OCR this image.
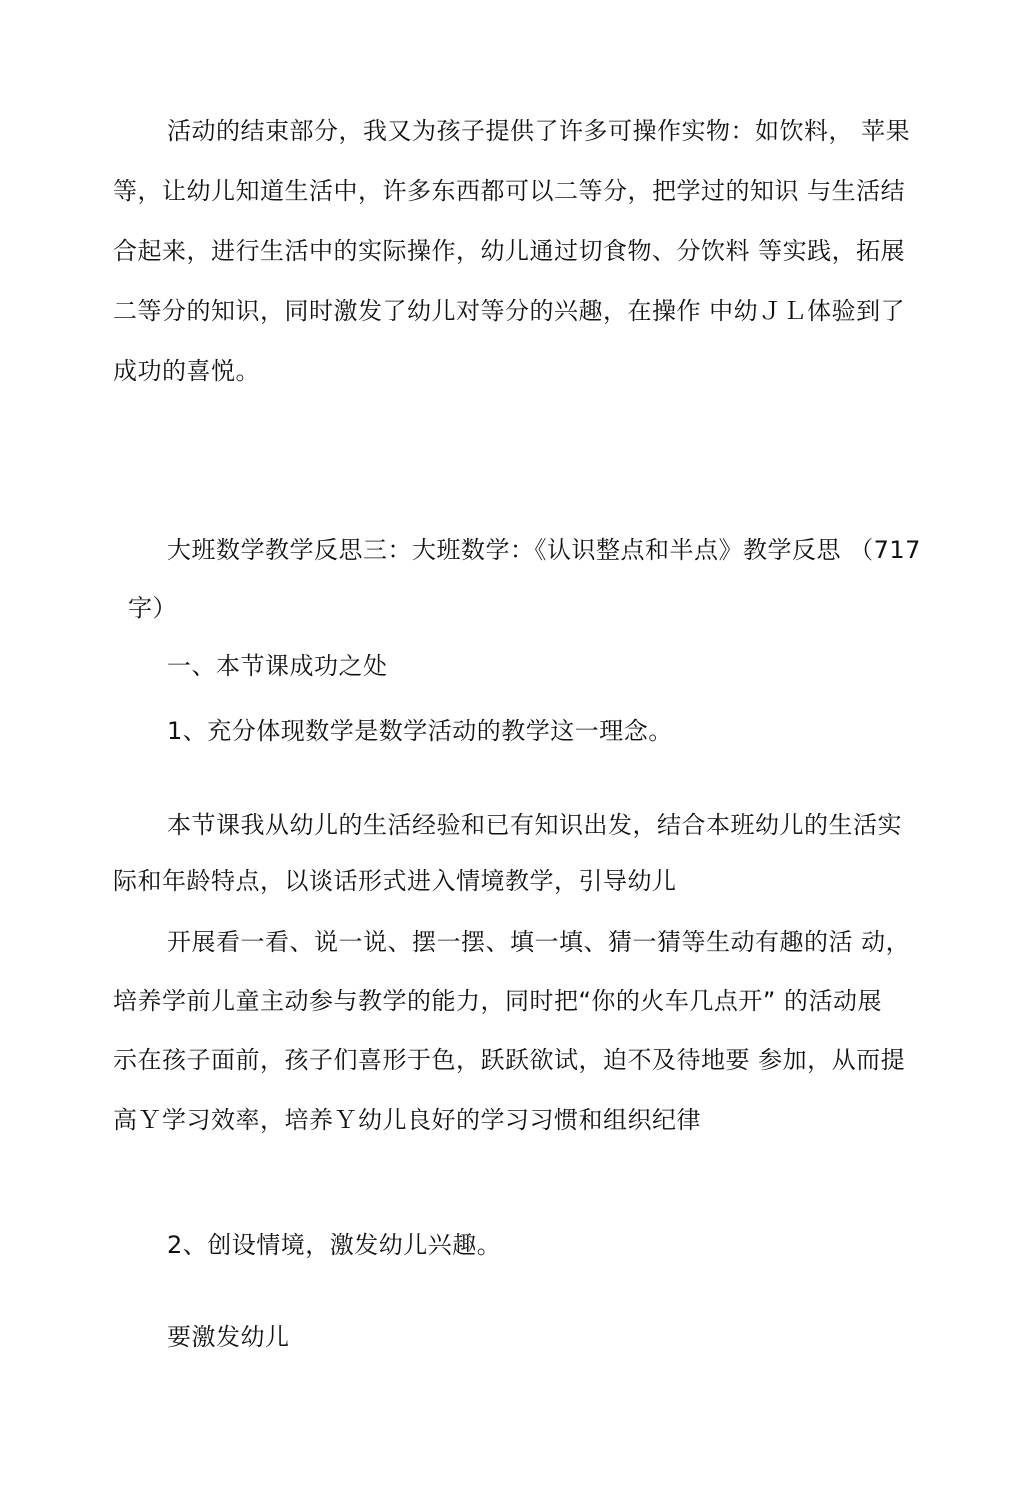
活动的结束部分，我又为孩子提供了许多可操作实物：如饮料， 苹果
等，让幼儿知道生活中，许多东西都可以二等分，把学过的知识 与生活结
合起来，进行生活中的实际操作，幼儿通过切食物、分饮料 等实践，拓展
二等分的知识，同时激发了幼儿对等分的兴趣，在操作 中幼ＪＬ体验到了
成功的喜悦。
大班数学教学反思三：大班数学：《认识整点和半点》教学反思 （717
字）
一、本节课成功之处
1、充分体现数学是数学活动的教学这一理念。
本节课我从幼儿的生活经验和已有知识出发，结合本班幼儿的生活实
际和年龄特点，以谈话形式进入情境教学，引导幼儿
开展看一看、说一说、摆一摆、填一填、猜一猜等生动有趣的活 动，
培养学前儿童主动参与教学的能力，同时把“你的火车几点开” 的活动展
示在孩子面前，孩子们喜形于色，跃跃欲试，迫不及待地要 参加，从而提
高Ｙ学习效率，培养Ｙ幼儿良好的学习习惯和组织纪律
2、创设情境，激发幼儿兴趣。
要激发幼儿
